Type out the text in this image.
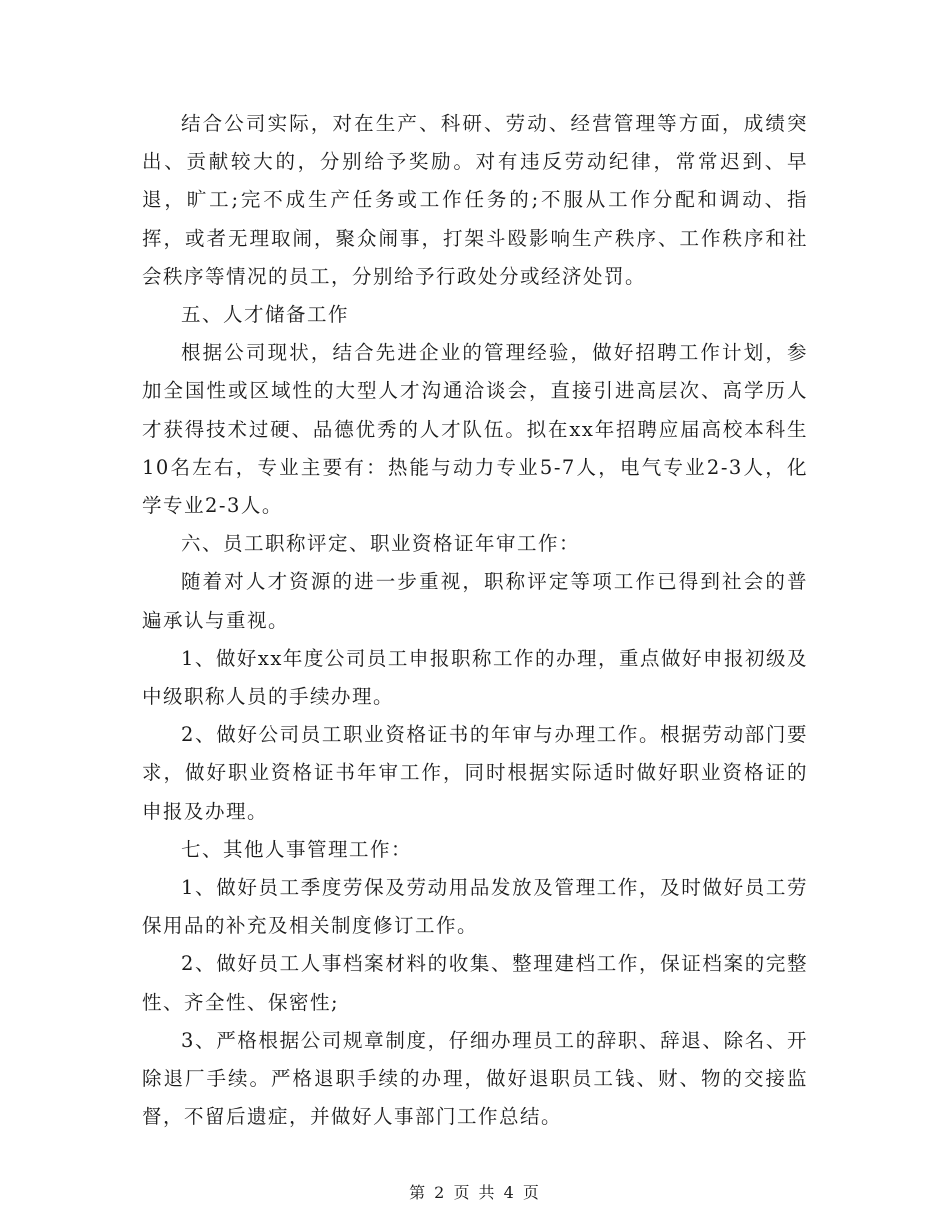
结合公司实际，对在生产、科研、劳动、经营管理等方面，成绩突出、贡献较大的，分别给予奖励。对有违反劳动纪律，常常迟到、早退，旷工;完不成生产任务或工作任务的;不服从工作分配和调动、指挥，或者无理取闹，聚众闹事，打架斗殴影响生产秩序、工作秩序和社会秩序等情况的员工，分别给予行政处分或经济处罚。

五、人才储备工作

根据公司现状，结合先进企业的管理经验，做好招聘工作计划，参加全国性或区域性的大型人才沟通洽谈会，直接引进高层次、高学历人才获得技术过硬、品德优秀的人才队伍。拟在xx年招聘应届高校本科生10名左右，专业主要有：热能与动力专业5-7人，电气专业2-3人，化学专业2-3人。

六、员工职称评定、职业资格证年审工作：

随着对人才资源的进一步重视，职称评定等项工作已得到社会的普遍承认与重视。

1、做好xx年度公司员工申报职称工作的办理，重点做好申报初级及中级职称人员的手续办理。

2、做好公司员工职业资格证书的年审与办理工作。根据劳动部门要求，做好职业资格证书年审工作，同时根据实际适时做好职业资格证的申报及办理。

七、其他人事管理工作：

1、做好员工季度劳保及劳动用品发放及管理工作，及时做好员工劳保用品的补充及相关制度修订工作。

2、做好员工人事档案材料的收集、整理建档工作，保证档案的完整性、齐全性、保密性;

3、严格根据公司规章制度，仔细办理员工的辞职、辞退、除名、开除退厂手续。严格退职手续的办理，做好退职员工钱、财、物的交接监督，不留后遗症，并做好人事部门工作总结。

第 2 页 共 4 页
